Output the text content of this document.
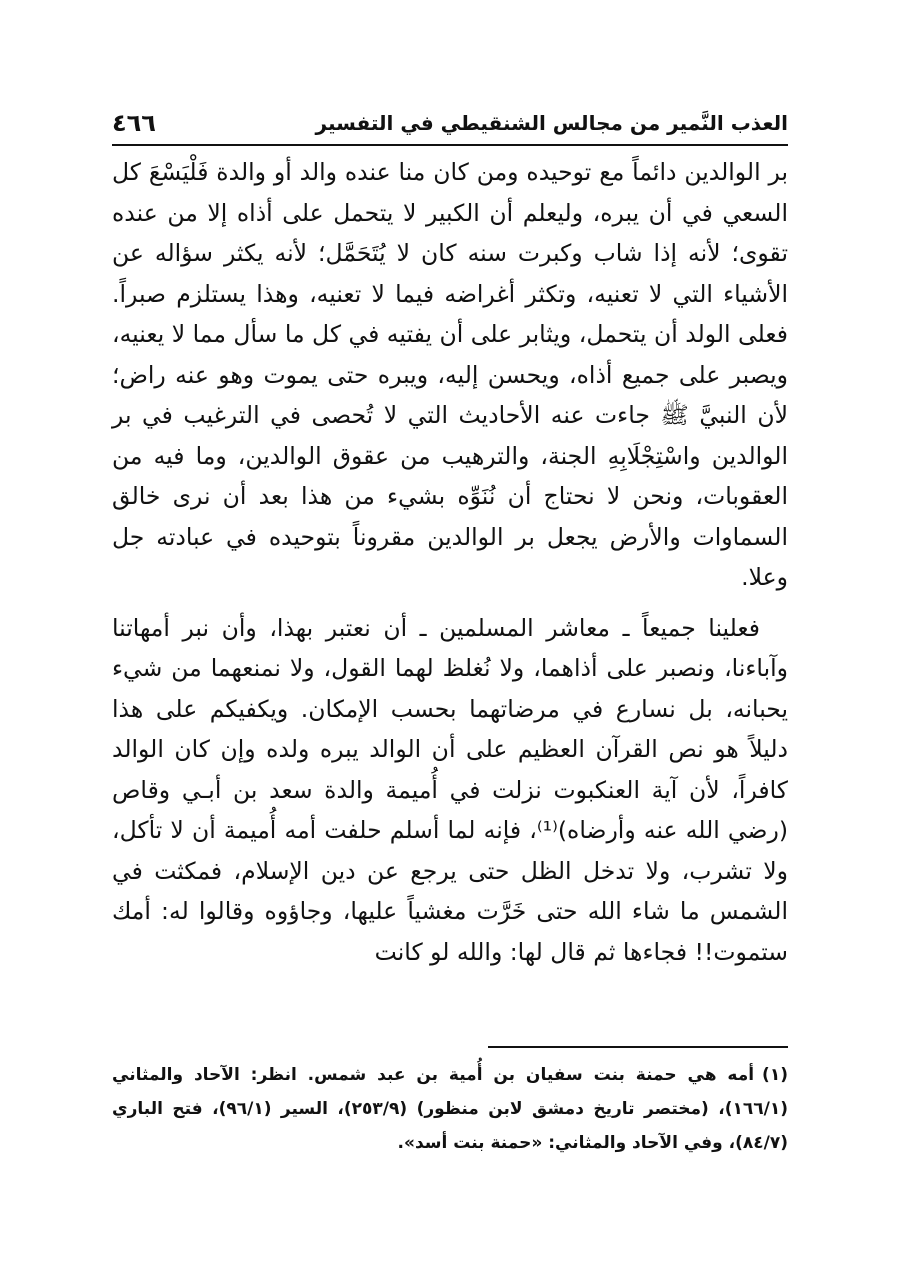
العذب النَّمير من مجالس الشنقيطي في التفسير
٤٦٦

بر الوالدين دائماً مع توحيده ومن كان منا عنده والد أو والدة فَلْيَسْعَ كل السعي في أن يبره، وليعلم أن الكبير لا يتحمل على أذاه إلا من عنده تقوى؛ لأنه إذا شاب وكبرت سنه كان لا يُتَحَمَّل؛ لأنه يكثر سؤاله عن الأشياء التي لا تعنيه، وتكثر أغراضه فيما لا تعنيه، وهذا يستلزم صبراً. فعلى الولد أن يتحمل، ويثابر على أن يفتيه في كل ما سأل مما لا يعنيه، ويصبر على جميع أذاه، ويحسن إليه، ويبره حتى يموت وهو عنه راض؛ لأن النبيَّ ﷺ جاءت عنه الأحاديث التي لا تُحصى في الترغيب في بر الوالدين واسْتِجْلَابِهِ الجنة، والترهيب من عقوق الوالدين، وما فيه من العقوبات، ونحن لا نحتاج أن نُنَوِّه بشيء من هذا بعد أن نرى خالق السماوات والأرض يجعل بر الوالدين مقروناً بتوحيده في عبادته جل وعلا.

فعلينا جميعاً ـ معاشر المسلمين ـ أن نعتبر بهذا، وأن نبر أمهاتنا وآباءنا، ونصبر على أذاهما، ولا نُغلظ لهما القول، ولا نمنعهما من شيء يحبانه، بل نسارع في مرضاتهما بحسب الإمكان. ويكفيكم على هذا دليلاً هو نص القرآن العظيم على أن الوالد يبره ولده وإن كان الوالد كافراً، لأن آية العنكبوت نزلت في أُميمة والدة سعد بن أبـي وقاص (رضي الله عنه وأرضاه)⁽¹⁾، فإنه لما أسلم حلفت أمه أُميمة أن لا تأكل، ولا تشرب، ولا تدخل الظل حتى يرجع عن دين الإسلام، فمكثت في الشمس ما شاء الله حتى خَرَّت مغشياً عليها، وجاؤوه وقالوا له: أمك ستموت!! فجاءها ثم قال لها: والله لو كانت

(١)أمه هي حمنة بنت سفيان بن أُمية بن عبد شمس. انظر: الآحاد والمثاني (١٦٦/١)، (مختصر تاريخ دمشق لابن منظور) (٢٥٣/٩)، السير (٩٦/١)، فتح الباري (٨٤/٧)، وفي الآحاد والمثاني: «حمنة بنت أسد».
